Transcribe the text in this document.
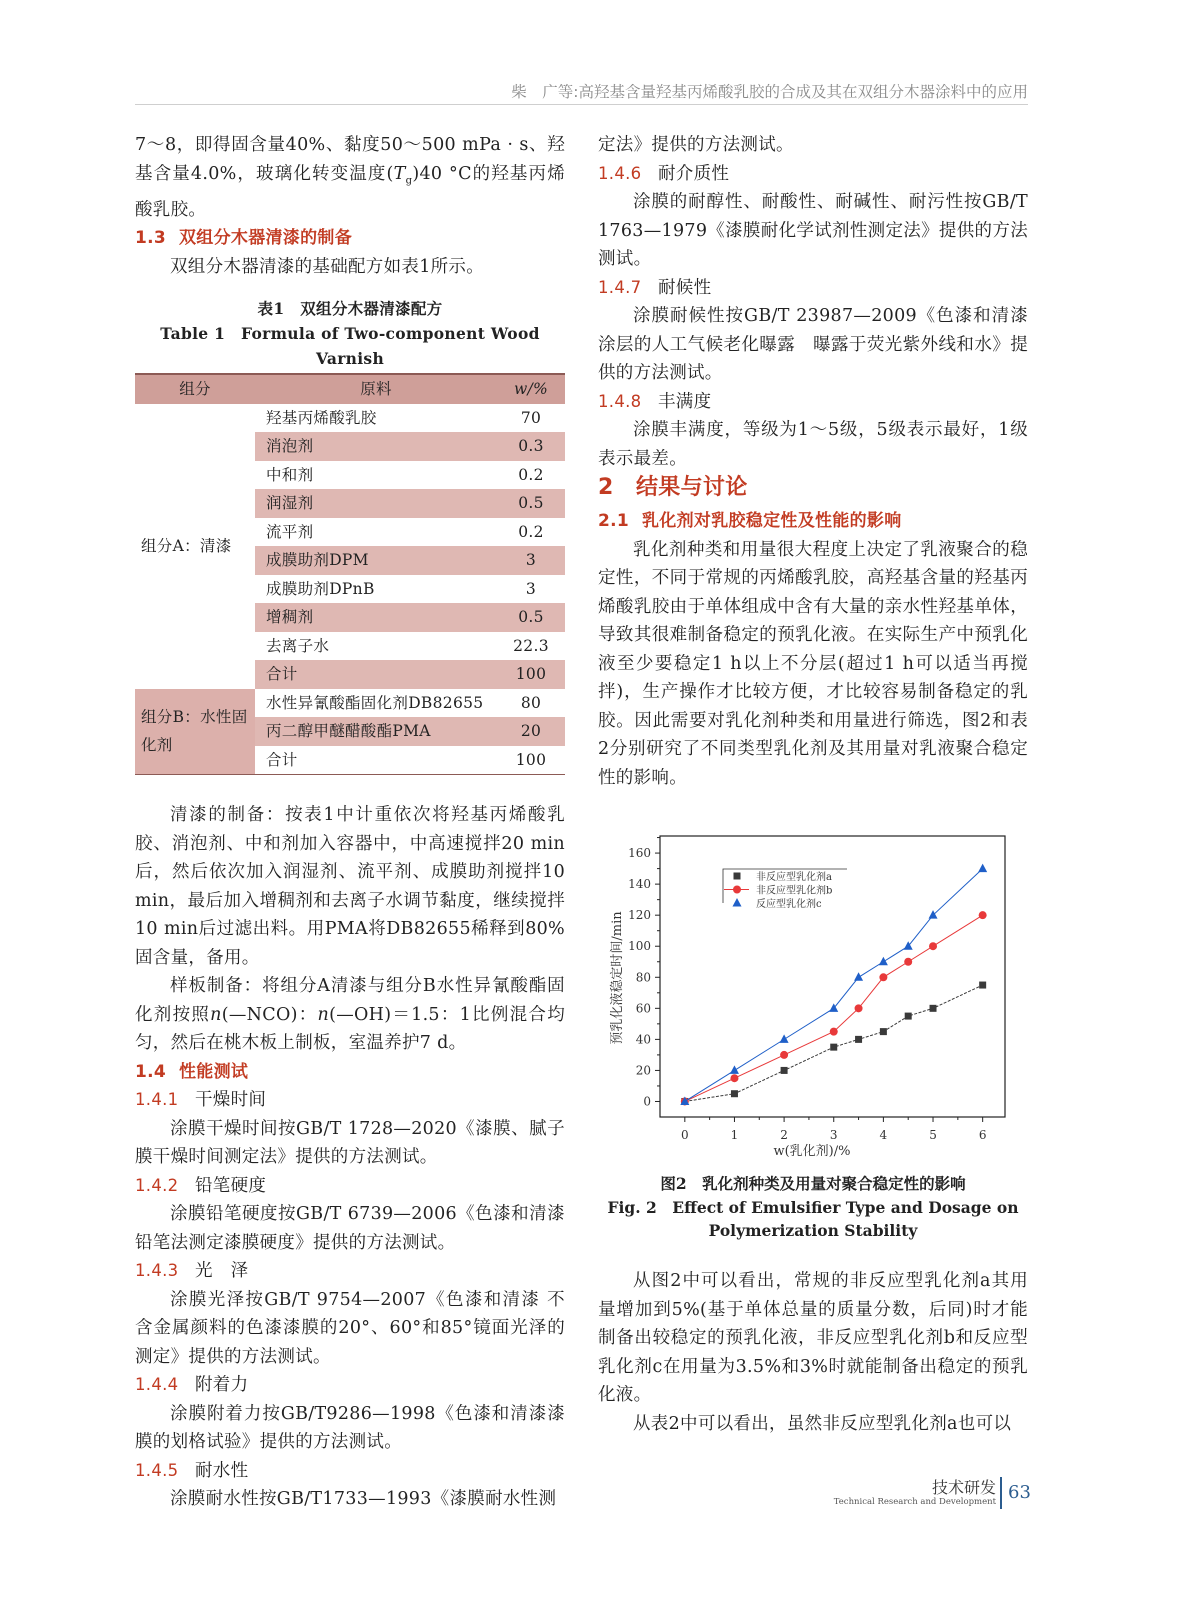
柴　广等:高羟基含量羟基丙烯酸乳胶的合成及其在双组分木器涂料中的应用

7～8，即得固含量40%、黏度50～500 mPa · s、羟基含量4.0%，玻璃化转变温度$(T_g)40$ °C的羟基丙烯酸乳胶。

1.3 双组分木器清漆的制备

双组分木器清漆的基础配方如表1所示。

表1　双组分木器清漆配方
Table 1　Formula of Two-component Wood Varnish
组分	原料	w/%
组分A：清漆	羟基丙烯酸乳胶	70
	消泡剂	0.3
	中和剂	0.2
	润湿剂	0.5
	流平剂	0.2
	成膜助剂DPM	3
	成膜助剂DPnB	3
	增稠剂	0.5
	去离子水	22.3
	合计	100
组分B：水性固化剂	水性异氰酸酯固化剂DB82655	80
	丙二醇甲醚醋酸酯PMA	20
	合计	100

清漆的制备：按表1中计重依次将羟基丙烯酸乳胶、消泡剂、中和剂加入容器中，中高速搅拌20 min后，然后依次加入润湿剂、流平剂、成膜助剂搅拌10 min，最后加入增稠剂和去离子水调节黏度，继续搅拌10 min后过滤出料。用PMA将DB82655稀释到80%固含量，备用。

样板制备：将组分A清漆与组分B水性异氰酸酯固化剂按照n(—NCO)：n(—OH)＝1.5：1比例混合均匀，然后在桃木板上制板，室温养护7 d。

1.4 性能测试
1.4.1 干燥时间

涂膜干燥时间按GB/T 1728—2020《漆膜、腻子膜干燥时间测定法》提供的方法测试。

1.4.2 铅笔硬度

涂膜铅笔硬度按GB/T 6739—2006《色漆和清漆铅笔法测定漆膜硬度》提供的方法测试。

1.4.3 光　泽

涂膜光泽按GB/T 9754—2007《色漆和清漆 不含金属颜料的色漆漆膜的20°、60°和85°镜面光泽的测定》提供的方法测试。

1.4.4 附着力

涂膜附着力按GB/T9286—1998《色漆和清漆漆膜的划格试验》提供的方法测试。

1.4.5 耐水性

涂膜耐水性按GB/T1733—1993《漆膜耐水性测

定法》提供的方法测试。

1.4.6 耐介质性

涂膜的耐醇性、耐酸性、耐碱性、耐污性按GB/T 1763—1979《漆膜耐化学试剂性测定法》提供的方法测试。

1.4.7 耐候性

涂膜耐候性按GB/T 23987—2009《色漆和清漆涂层的人工气候老化曝露　曝露于荧光紫外线和水》提供的方法测试。

1.4.8 丰满度

涂膜丰满度，等级为1～5级，5级表示最好，1级表示最差。

2 结果与讨论
2.1 乳化剂对乳胶稳定性及性能的影响

乳化剂种类和用量很大程度上决定了乳液聚合的稳定性，不同于常规的丙烯酸乳胶，高羟基含量的羟基丙烯酸乳胶由于单体组成中含有大量的亲水性羟基单体，导致其很难制备稳定的预乳化液。在实际生产中预乳化液至少要稳定1 h以上不分层(超过1 h可以适当再搅拌)，生产操作才比较方便，才比较容易制备稳定的乳胶。因此需要对乳化剂种类和用量进行筛选，图2和表2分别研究了不同类型乳化剂及其用量对乳液聚合稳定性的影响。

0
20
40
60
80
100
120
140
160
0	1	2	3	4	5	6
预乳化液稳定时间/min
w(乳化剂)/%
非反应型乳化剂a
非反应型乳化剂b
反应型乳化剂c
图2　乳化剂种类及用量对聚合稳定性的影响
Fig. 2　Effect of Emulsifier Type and Dosage on
Polymerization Stability

从图2中可以看出，常规的非反应型乳化剂a其用量增加到5%(基于单体总量的质量分数，后同)时才能制备出较稳定的预乳化液，非反应型乳化剂b和反应型乳化剂c在用量为3.5%和3%时就能制备出稳定的预乳化液。

从表2中可以看出，虽然非反应型乳化剂a也可以

技术研发
Technical Research and Development 63
